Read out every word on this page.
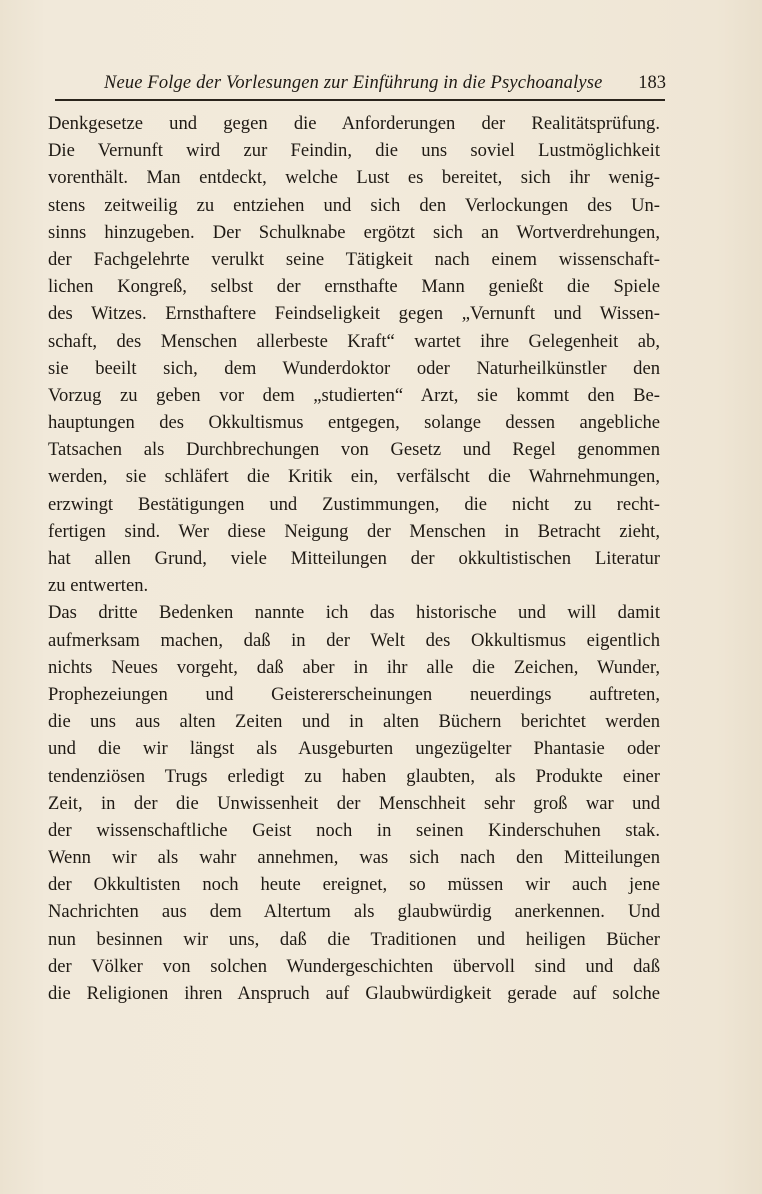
Neue Folge der Vorlesungen zur Einführung in die Psychoanalyse 183
Denkgesetze und gegen die Anforderungen der Realitätsprüfung.
Die Vernunft wird zur Feindin, die uns soviel Lustmöglichkeit
vorenthält. Man entdeckt, welche Lust es bereitet, sich ihr wenig-
stens zeitweilig zu entziehen und sich den Verlockungen des Un-
sinns hinzugeben. Der Schulknabe ergötzt sich an Wortverdrehungen,
der Fachgelehrte verulkt seine Tätigkeit nach einem wissenschaft-
lichen Kongreß, selbst der ernsthafte Mann genießt die Spiele
des Witzes. Ernsthaftere Feindseligkeit gegen „Vernunft und Wissen-
schaft, des Menschen allerbeste Kraft“ wartet ihre Gelegenheit ab,
sie beeilt sich, dem Wunderdoktor oder Naturheilkünstler den
Vorzug zu geben vor dem „studierten“ Arzt, sie kommt den Be-
hauptungen des Okkultismus entgegen, solange dessen angebliche
Tatsachen als Durchbrechungen von Gesetz und Regel genommen
werden, sie schläfert die Kritik ein, verfälscht die Wahrnehmungen,
erzwingt Bestätigungen und Zustimmungen, die nicht zu recht-
fertigen sind. Wer diese Neigung der Menschen in Betracht zieht,
hat allen Grund, viele Mitteilungen der okkultistischen Literatur
zu entwerten.
Das dritte Bedenken nannte ich das historische und will damit
aufmerksam machen, daß in der Welt des Okkultismus eigentlich
nichts Neues vorgeht, daß aber in ihr alle die Zeichen, Wunder,
Prophezeiungen und Geistererscheinungen neuerdings auftreten,
die uns aus alten Zeiten und in alten Büchern berichtet werden
und die wir längst als Ausgeburten ungezügelter Phantasie oder
tendenziösen Trugs erledigt zu haben glaubten, als Produkte einer
Zeit, in der die Unwissenheit der Menschheit sehr groß war und
der wissenschaftliche Geist noch in seinen Kinderschuhen stak.
Wenn wir als wahr annehmen, was sich nach den Mitteilungen
der Okkultisten noch heute ereignet, so müssen wir auch jene
Nachrichten aus dem Altertum als glaubwürdig anerkennen. Und
nun besinnen wir uns, daß die Traditionen und heiligen Bücher
der Völker von solchen Wundergeschichten übervoll sind und daß
die Religionen ihren Anspruch auf Glaubwürdigkeit gerade auf solche
